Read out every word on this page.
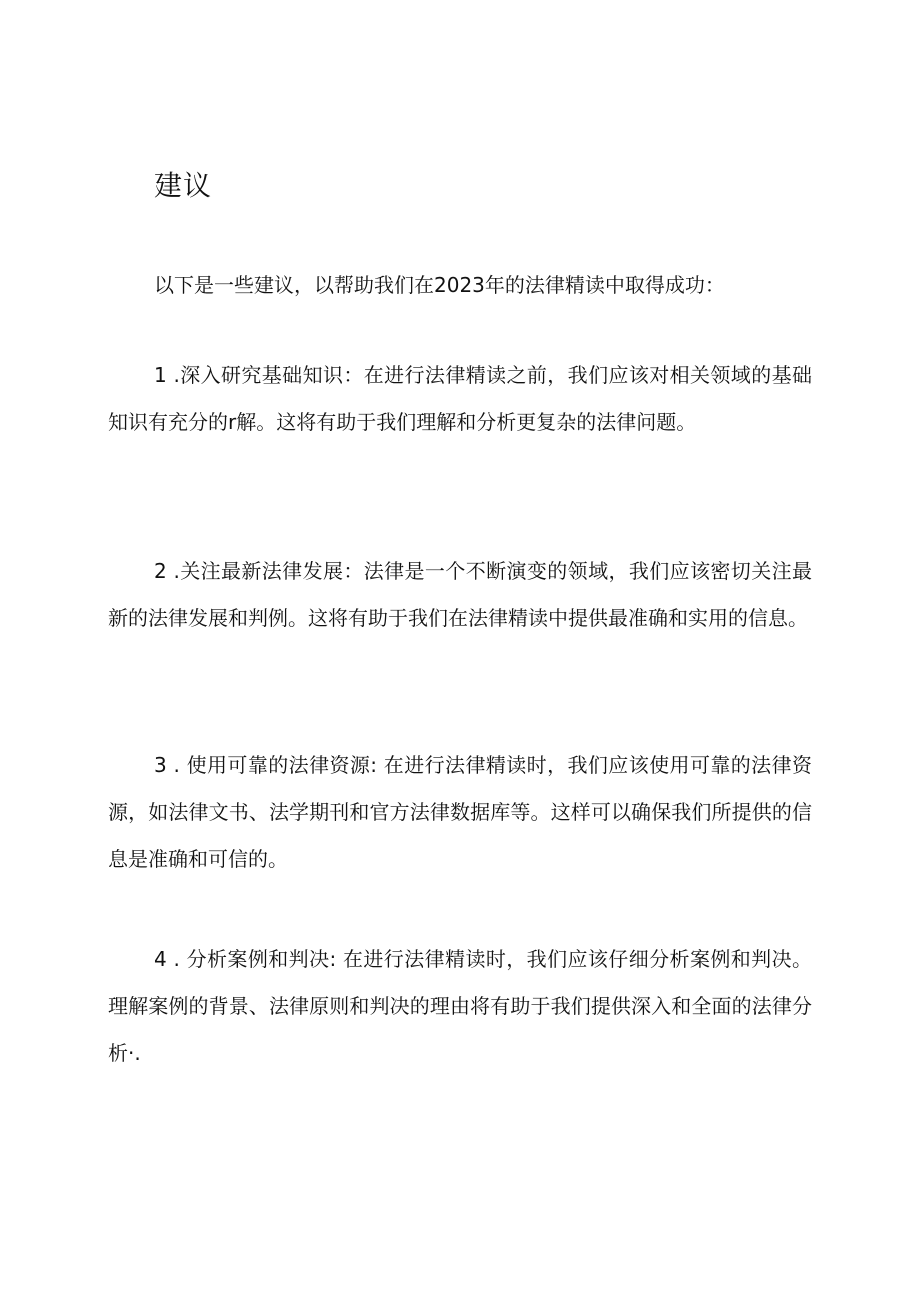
建议

以下是一些建议，以帮助我们在2023年的法律精读中取得成功：

1 .深入研究基础知识：在进行法律精读之前，我们应该对相关领域的基础知识有充分的r解。这将有助于我们理解和分析更复杂的法律问题。

2 .关注最新法律发展：法律是一个不断演变的领域，我们应该密切关注最新的法律发展和判例。这将有助于我们在法律精读中提供最准确和实用的信息。

3 . 使用可靠的法律资源: 在进行法律精读时，我们应该使用可靠的法律资源，如法律文书、法学期刊和官方法律数据库等。这样可以确保我们所提供的信息是准确和可信的。

4 . 分析案例和判决: 在进行法律精读时，我们应该仔细分析案例和判决。理解案例的背景、法律原则和判决的理由将有助于我们提供深入和全面的法律分析·.
